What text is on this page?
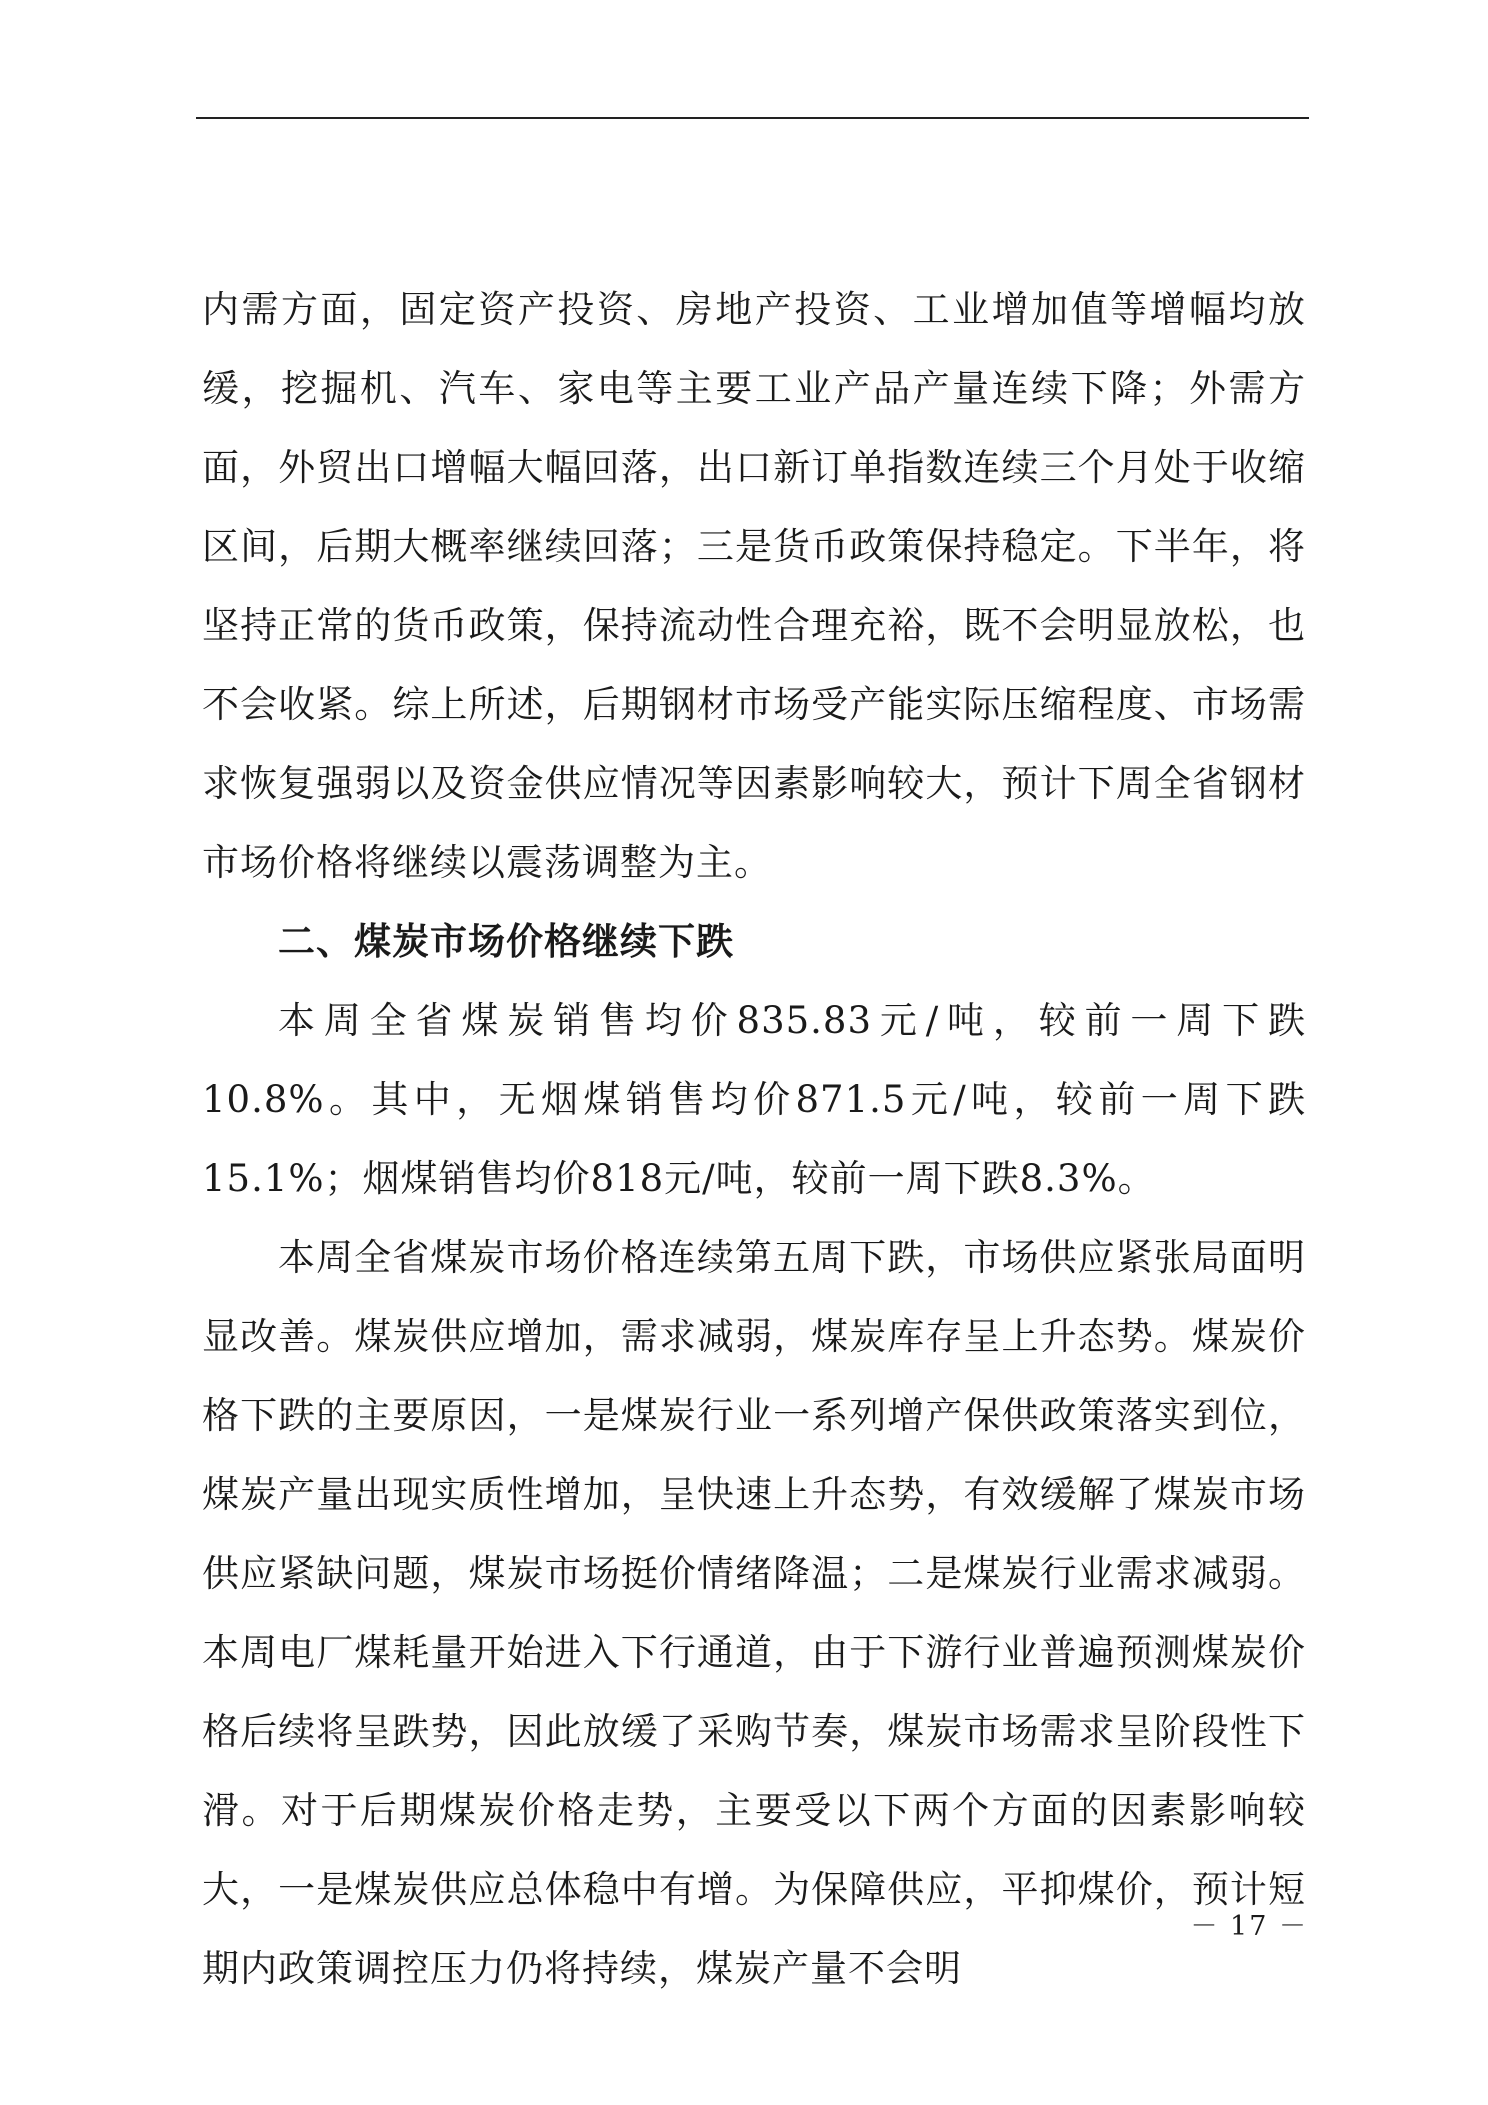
内需方面，固定资产投资、房地产投资、工业增加值等增幅均放缓，挖掘机、汽车、家电等主要工业产品产量连续下降；外需方面，外贸出口增幅大幅回落，出口新订单指数连续三个月处于收缩区间，后期大概率继续回落；三是货币政策保持稳定。下半年，将坚持正常的货币政策，保持流动性合理充裕，既不会明显放松，也不会收紧。综上所述，后期钢材市场受产能实际压缩程度、市场需求恢复强弱以及资金供应情况等因素影响较大，预计下周全省钢材市场价格将继续以震荡调整为主。

二、煤炭市场价格继续下跌

本周全省煤炭销售均价835.83元/吨，较前一周下跌10.8%。其中，无烟煤销售均价871.5元/吨，较前一周下跌15.1%；烟煤销售均价818元/吨，较前一周下跌8.3%。

本周全省煤炭市场价格连续第五周下跌，市场供应紧张局面明显改善。煤炭供应增加，需求减弱，煤炭库存呈上升态势。煤炭价格下跌的主要原因，一是煤炭行业一系列增产保供政策落实到位，煤炭产量出现实质性增加，呈快速上升态势，有效缓解了煤炭市场供应紧缺问题，煤炭市场挺价情绪降温；二是煤炭行业需求减弱。本周电厂煤耗量开始进入下行通道，由于下游行业普遍预测煤炭价格后续将呈跌势，因此放缓了采购节奏，煤炭市场需求呈阶段性下滑。对于后期煤炭价格走势，主要受以下两个方面的因素影响较大，一是煤炭供应总体稳中有增。为保障供应，平抑煤价，预计短期内政策调控压力仍将持续，煤炭产量不会明

－ 17 －
